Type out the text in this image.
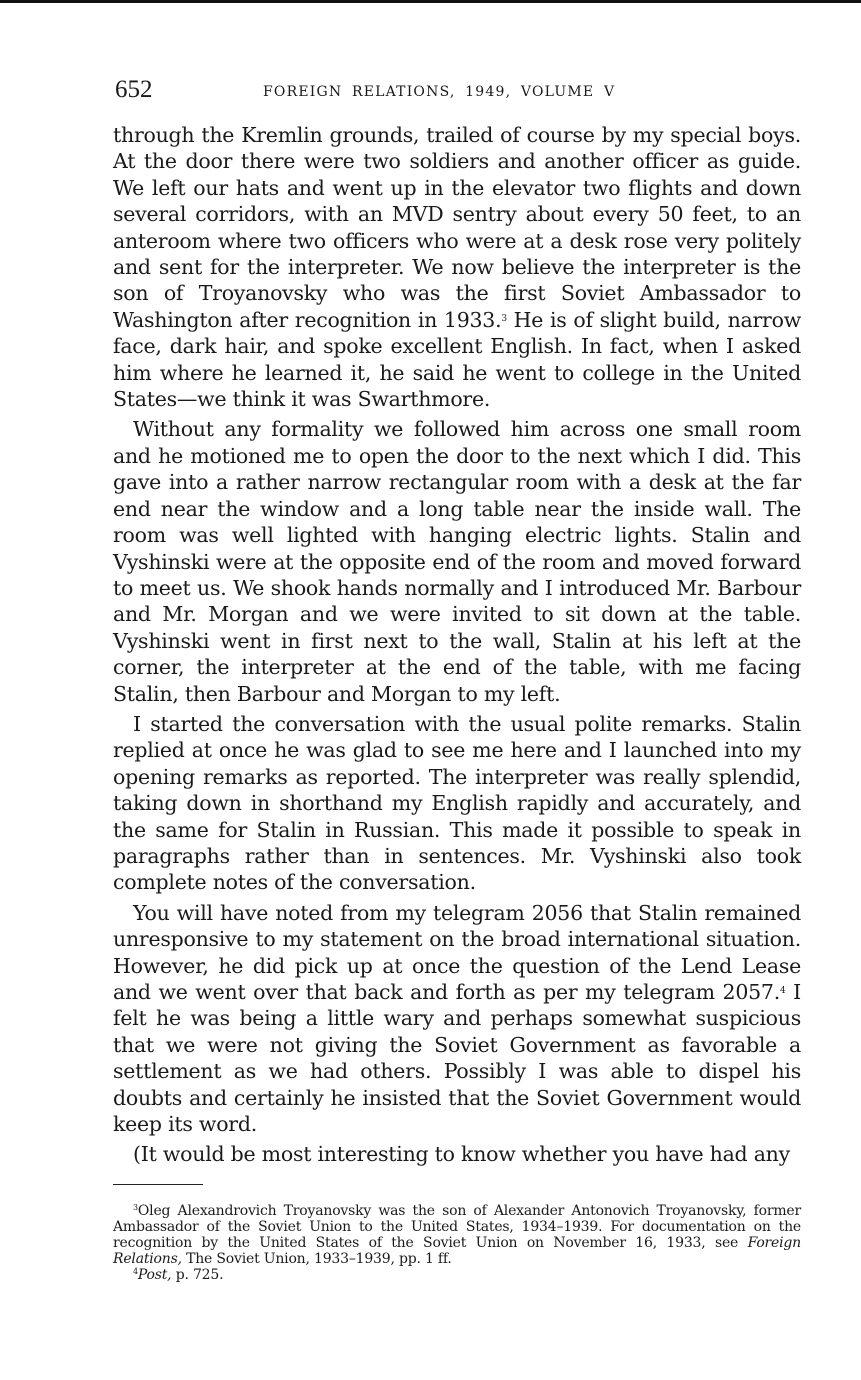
652	FOREIGN RELATIONS, 1949, VOLUME V

through the Kremlin grounds, trailed of course by my special boys. At the door there were two soldiers and another officer as guide. We left our hats and went up in the elevator two flights and down several corridors, with an MVD sentry about every 50 feet, to an anteroom where two officers who were at a desk rose very politely and sent for the interpreter. We now believe the interpreter is the son of Troyanovsky who was the first Soviet Ambassador to Washington after recognition in 1933.$^3$ He is of slight build, narrow face, dark hair, and spoke excellent English. In fact, when I asked him where he learned it, he said he went to college in the United States—we think it was Swarthmore.

Without any formality we followed him across one small room and he motioned me to open the door to the next which I did. This gave into a rather narrow rectangular room with a desk at the far end near the window and a long table near the inside wall. The room was well lighted with hanging electric lights. Stalin and Vyshinski were at the opposite end of the room and moved forward to meet us. We shook hands normally and I introduced Mr. Barbour and Mr. Morgan and we were invited to sit down at the table. Vyshinski went in first next to the wall, Stalin at his left at the corner, the interpreter at the end of the table, with me facing Stalin, then Barbour and Morgan to my left.

I started the conversation with the usual polite remarks. Stalin replied at once he was glad to see me here and I launched into my opening remarks as reported. The interpreter was really splendid, taking down in shorthand my English rapidly and accurately, and the same for Stalin in Russian. This made it possible to speak in paragraphs rather than in sentences. Mr. Vyshinski also took complete notes of the conversation.

You will have noted from my telegram 2056 that Stalin remained unresponsive to my statement on the broad international situation. However, he did pick up at once the question of the Lend Lease and we went over that back and forth as per my telegram 2057.$^4$ I felt he was being a little wary and perhaps somewhat suspicious that we were not giving the Soviet Government as favorable a settlement as we had others. Possibly I was able to dispel his doubts and certainly he insisted that the Soviet Government would keep its word.

(It would be most interesting to know whether you have had any

$^3$Oleg Alexandrovich Troyanovsky was the son of Alexander Antonovich Troyanovsky, former Ambassador of the Soviet Union to the United States, 1934–1939. For documentation on the recognition by the United States of the Soviet Union on November 16, 1933, see Foreign Relations, The Soviet Union, 1933–1939, pp. 1 ff.

$^4$Post, p. 725.
